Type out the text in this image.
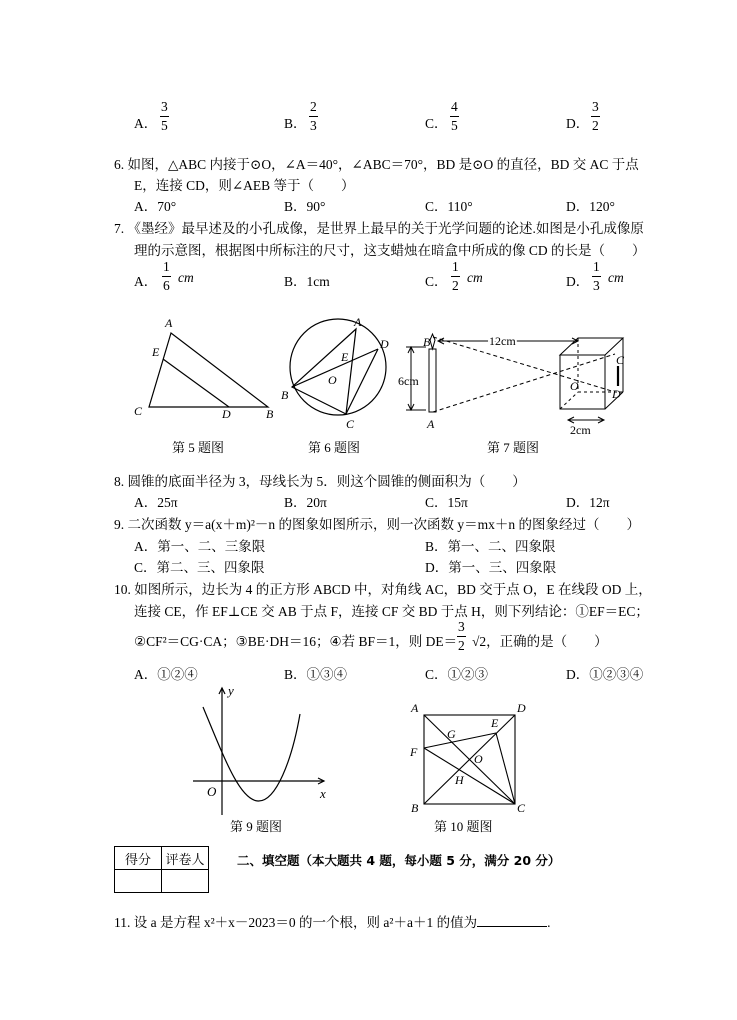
A． $\frac{3}{5}$	B． $\frac{2}{3}$	C． $\frac{4}{5}$	D． $\frac{3}{2}$
6. 如图，△ABC 内接于⊙O，∠A＝40°，∠ABC＝70°，BD 是⊙O 的直径，BD 交 AC 于点
E，连接 CD，则∠AEB 等于（　　）
A．70°	B．90°	C．110°	D．120°
7. 《墨经》最早述及的小孔成像，是世界上最早的关于光学问题的论述.如图是小孔成像原
理的示意图，根据图中所标注的尺寸，这支蜡烛在暗盒中所成的像 CD 的长是（　　）
A． $\frac{1}{6}$ cm	B．1cm	C． $\frac{1}{2}$ cm	D． $\frac{1}{3}$ cm
A
E
C	D	B
第 5 题图
A
D
E
O
B
C
第 6 题图
B
A
C
D
O
12cm
6cm
2cm
第 7 题图
8. 圆锥的底面半径为 3，母线长为 5．则这个圆锥的侧面积为（　　）
A．25π	B．20π	C．15π	D．12π
9. 二次函数 y＝a(x＋m)²－n 的图象如图所示，则一次函数 y＝mx＋n 的图象经过（　　）
A．第一、二、三象限	B．第一、二、四象限
C．第二、三、四象限	D．第一、三、四象限
10. 如图所示，边长为 4 的正方形 ABCD 中，对角线 AC，BD 交于点 O，E 在线段 OD 上，
连接 CE，作 EF⊥CE 交 AB 于点 F，连接 CF 交 BD 于点 H，则下列结论：①EF＝EC；
②CF²＝CG·CA；③BE·DH＝16；④若 BF＝1，则 $DE= \frac{3}{2} √2$，正确的是（　　）
A．①②④	B．①③④	C．①②③	D．①②③④
y
O	x
第 9 题图
A	D
G
E
F	O
H
B	C
第 10 题图
得分	评卷人
		二、填空题（本大题共 4 题，每小题 5 分，满分 20 分）
11. 设 a 是方程 x²＋x－2023＝0 的一个根，则 a²＋a＋1 的值为	.
